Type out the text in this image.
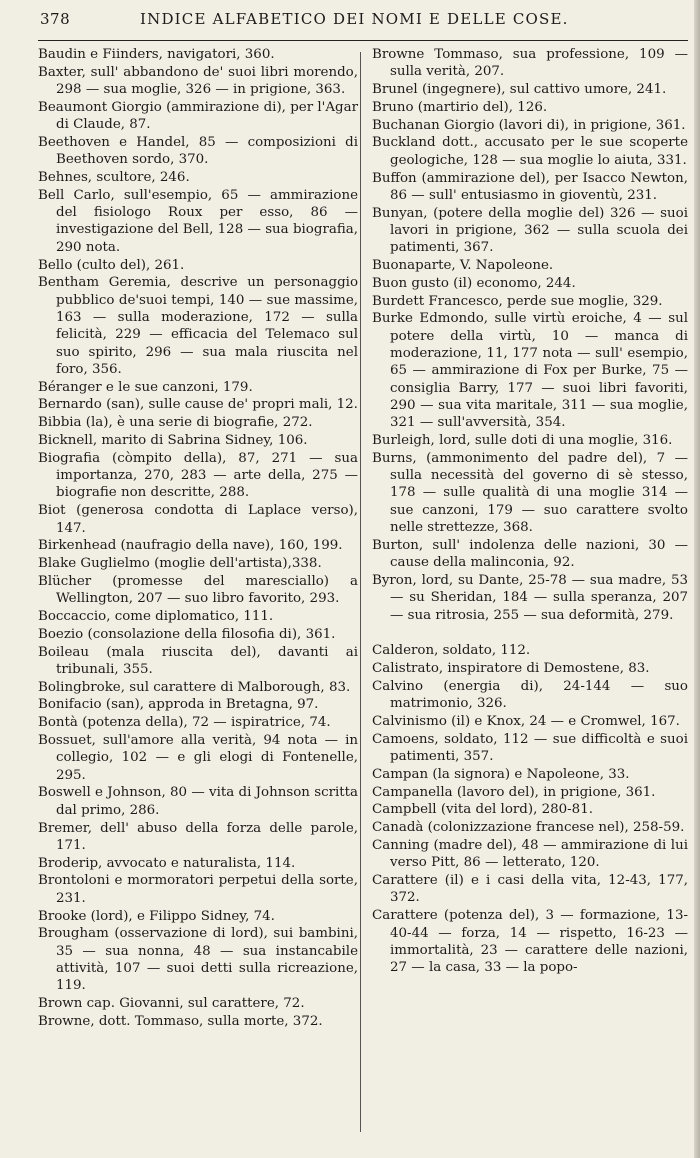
378	INDICE ALFABETICO DEI NOMI E DELLE COSE.
Baudin e Fiinders, navigatori, 360.
Baxter, sull' abbandono de' suoi libri morendo, 298 — sua moglie, 326 — in prigione, 363.
Beaumont Giorgio (ammirazione di), per l'Agar di Claude, 87.
Beethoven e Handel, 85 — composizioni di Beethoven sordo, 370.
Behnes, scultore, 246.
Bell Carlo, sull'esempio, 65 — ammirazione del fisiologo Roux per esso, 86 — investigazione del Bell, 128 — sua biografia, 290 nota.
Bello (culto del), 261.
Bentham Geremia, descrive un personaggio pubblico de'suoi tempi, 140 — sue massime, 163 — sulla moderazione, 172 — sulla felicità, 229 — efficacia del Telemaco sul suo spirito, 296 — sua mala riuscita nel foro, 356.
Béranger e le sue canzoni, 179.
Bernardo (san), sulle cause de' propri mali, 12.
Bibbia (la), è una serie di biografie, 272.
Bicknell, marito di Sabrina Sidney, 106.
Biografia (còmpito della), 87, 271 — sua importanza, 270, 283 — arte della, 275 — biografie non descritte, 288.
Biot (generosa condotta di Laplace verso), 147.
Birkenhead (naufragio della nave), 160, 199.
Blake Guglielmo (moglie dell'artista),338.
Blücher (promesse del maresciallo) a Wellington, 207 — suo libro favorito, 293.
Boccaccio, come diplomatico, 111.
Boezio (consolazione della filosofia di), 361.
Boileau (mala riuscita del), davanti ai tribunali, 355.
Bolingbroke, sul carattere di Malborough, 83.
Bonifacio (san), approda in Bretagna, 97.
Bontà (potenza della), 72 — ispiratrice, 74.
Bossuet, sull'amore alla verità, 94 nota — in collegio, 102 — e gli elogi di Fontenelle, 295.
Boswell e Johnson, 80 — vita di Johnson scritta dal primo, 286.
Bremer, dell' abuso della forza delle parole, 171.
Broderip, avvocato e naturalista, 114.
Brontoloni e mormoratori perpetui della sorte, 231.
Brooke (lord), e Filippo Sidney, 74.
Brougham (osservazione di lord), sui bambini, 35 — sua nonna, 48 — sua instancabile attività, 107 — suoi detti sulla ricreazione, 119.
Brown cap. Giovanni, sul carattere, 72.
Browne, dott. Tommaso, sulla morte, 372.
Browne Tommaso, sua professione, 109 — sulla verità, 207.
Brunel (ingegnere), sul cattivo umore, 241.
Bruno (martirio del), 126.
Buchanan Giorgio (lavori di), in prigione, 361.
Buckland dott., accusato per le sue scoperte geologiche, 128 — sua moglie lo aiuta, 331.
Buffon (ammirazione del), per Isacco Newton, 86 — sull' entusiasmo in gioventù, 231.
Bunyan, (potere della moglie del) 326 — suoi lavori in prigione, 362 — sulla scuola dei patimenti, 367.
Buonaparte, V. Napoleone.
Buon gusto (il) economo, 244.
Burdett Francesco, perde sue moglie, 329.
Burke Edmondo, sulle virtù eroiche, 4 — sul potere della virtù, 10 — manca di moderazione, 11, 177 nota — sull' esempio, 65 — ammirazione di Fox per Burke, 75 — consiglia Barry, 177 — suoi libri favoriti, 290 — sua vita maritale, 311 — sua moglie, 321 — sull'avversità, 354.
Burleigh, lord, sulle doti di una moglie, 316.
Burns, (ammonimento del padre del), 7 — sulla necessità del governo di sè stesso, 178 — sulle qualità di una moglie 314 — sue canzoni, 179 — suo carattere svolto nelle strettezze, 368.
Burton, sull' indolenza delle nazioni, 30 — cause della malinconia, 92.
Byron, lord, su Dante, 25-78 — sua madre, 53 — su Sheridan, 184 — sulla speranza, 207 — sua ritrosia, 255 — sua deformità, 279.
Calderon, soldato, 112.
Calistrato, inspiratore di Demostene, 83.
Calvino (energia di), 24-144 — suo matrimonio, 326.
Calvinismo (il) e Knox, 24 — e Cromwel, 167.
Camoens, soldato, 112 — sue difficoltà e suoi patimenti, 357.
Campan (la signora) e Napoleone, 33.
Campanella (lavoro del), in prigione, 361.
Campbell (vita del lord), 280-81.
Canadà (colonizzazione francese nel), 258-59.
Canning (madre del), 48 — ammirazione di lui verso Pitt, 86 — letterato, 120.
Carattere (il) e i casi della vita, 12-43, 177, 372.
Carattere (potenza del), 3 — formazione, 13-40-44 — forza, 14 — rispetto, 16-23 — immortalità, 23 — carattere delle nazioni, 27 — la casa, 33 — la popo-
